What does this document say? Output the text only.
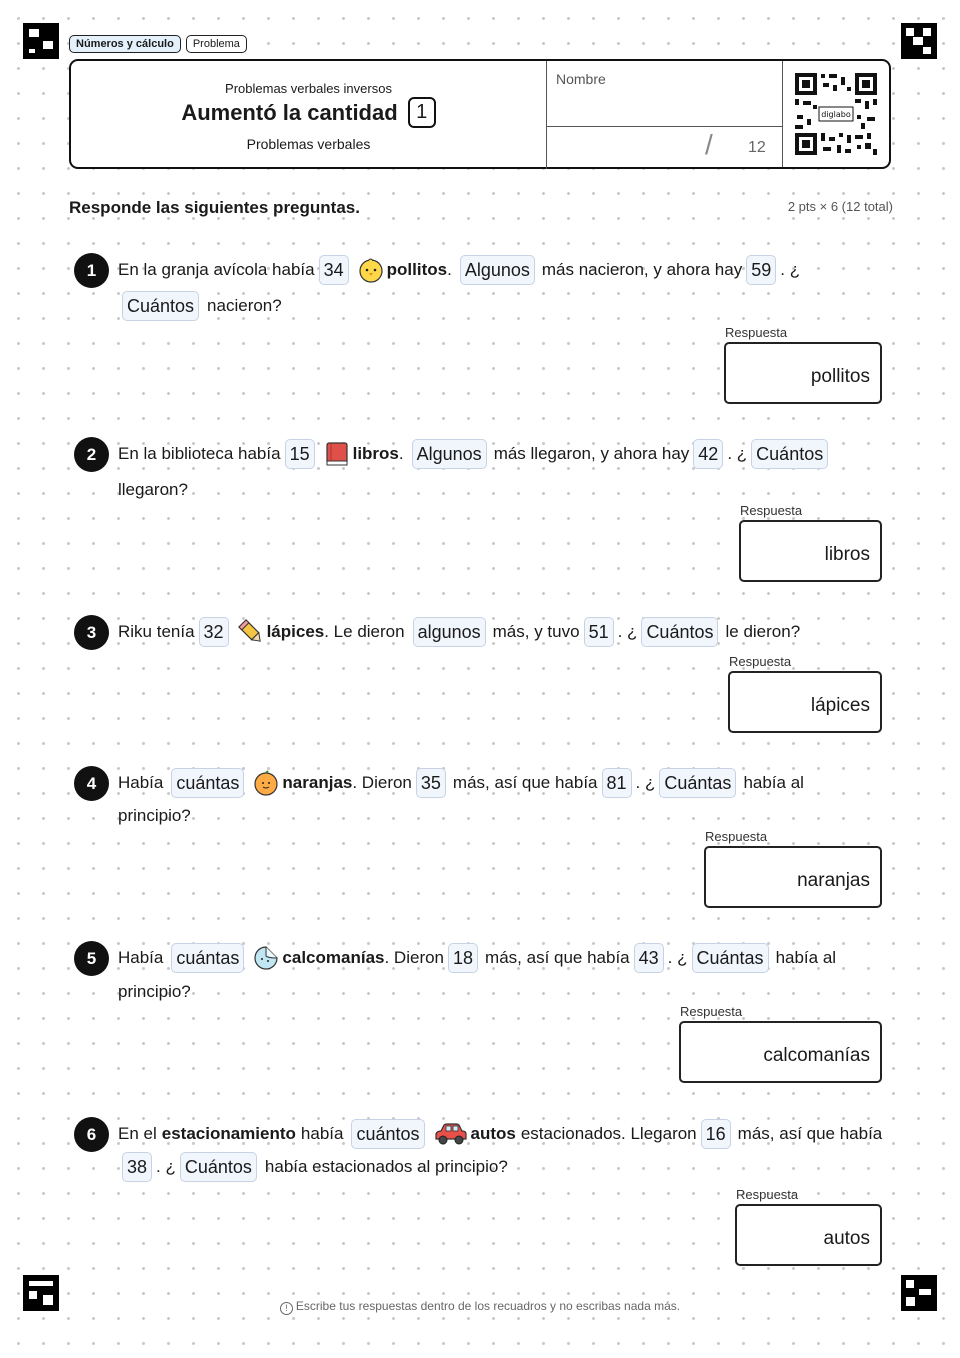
Números y cálculo	Problema
Problemas verbales inversos
Aumentó la cantidad 1
Problemas verbales
Nombre
/ 12
diglabo
Responde las siguientes preguntas.	2 pts × 6 (12 total)
1	En la granja avícola había 34	pollitos . Algunos más nacieron, y ahora hay 59 . ¿
Cuántos nacieron?
Respuesta
pollitos
2	En la biblioteca había 15	libros . Algunos más llegaron, y ahora hay 42 . ¿ Cuántos
llegaron?
Respuesta
libros
3	Riku tenía 32	lápices . Le dieron algunos más, y tuvo 51 . ¿ Cuántos le dieron?
Respuesta
lápices
4	Había cuántas	naranjas . Dieron 35 más, así que había 81 . ¿ Cuántas había al
principio?
Respuesta
naranjas
5	Había cuántas	calcomanías . Dieron 18 más, así que había 43 . ¿ Cuántas había al
principio?
Respuesta
calcomanías
6	En el estacionamiento había cuántos	autos estacionados. Llegaron 16 más, así que había
38 . ¿ Cuántos había estacionados al principio?
Respuesta
autos
! Escribe tus respuestas dentro de los recuadros y no escribas nada más.
